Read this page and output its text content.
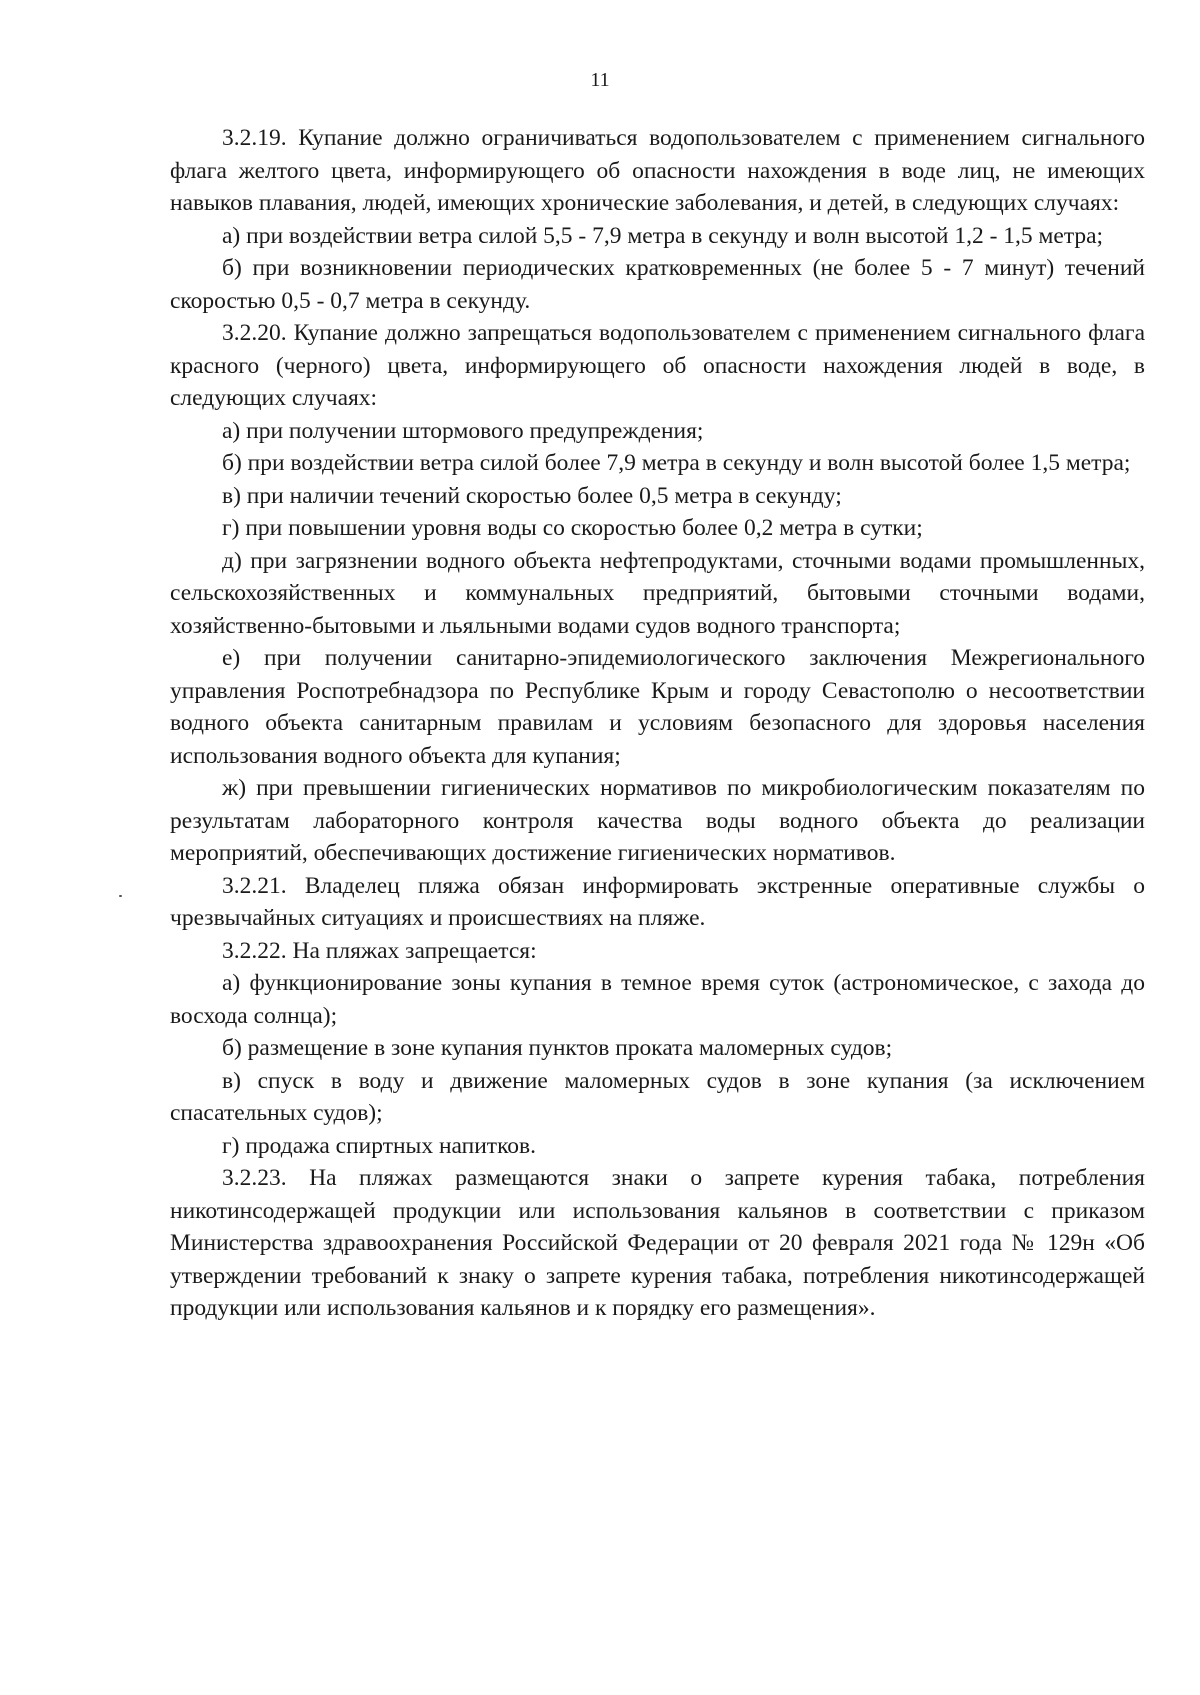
11

3.2.19. Купание должно ограничиваться водопользователем с применением сигнального флага желтого цвета, информирующего об опасности нахождения в воде лиц, не имеющих навыков плавания, людей, имеющих хронические заболевания, и детей, в следующих случаях:

а) при воздействии ветра силой 5,5 - 7,9 метра в секунду и волн высотой 1,2 - 1,5 метра;

б) при возникновении периодических кратковременных (не более 5 - 7 минут) течений скоростью 0,5 - 0,7 метра в секунду.

3.2.20. Купание должно запрещаться водопользователем с применением сигнального флага красного (черного) цвета, информирующего об опасности нахождения людей в воде, в следующих случаях:

а) при получении штормового предупреждения;

б) при воздействии ветра силой более 7,9 метра в секунду и волн высотой более 1,5 метра;

в) при наличии течений скоростью более 0,5 метра в секунду;

г) при повышении уровня воды со скоростью более 0,2 метра в сутки;

д) при загрязнении водного объекта нефтепродуктами, сточными водами промышленных, сельскохозяйственных и коммунальных предприятий, бытовыми сточными водами, хозяйственно-бытовыми и льяльными водами судов водного транспорта;

е) при получении санитарно-эпидемиологического заключения Межрегионального управления Роспотребнадзора по Республике Крым и городу Севастополю о несоответствии водного объекта санитарным правилам и условиям безопасного для здоровья населения использования водного объекта для купания;

ж) при превышении гигиенических нормативов по микробиологическим показателям по результатам лабораторного контроля качества воды водного объекта до реализации мероприятий, обеспечивающих достижение гигиенических нормативов.

3.2.21. Владелец пляжа обязан информировать экстренные оперативные службы о чрезвычайных ситуациях и происшествиях на пляже.

3.2.22. На пляжах запрещается:

а) функционирование зоны купания в темное время суток (астрономическое, с захода до восхода солнца);

б) размещение в зоне купания пунктов проката маломерных судов;

в) спуск в воду и движение маломерных судов в зоне купания (за исключением спасательных судов);

г) продажа спиртных напитков.

3.2.23. На пляжах размещаются знаки о запрете курения табака, потребления никотинсодержащей продукции или использования кальянов в соответствии с приказом Министерства здравоохранения Российской Федерации от 20 февраля 2021 года № 129н «Об утверждении требований к знаку о запрете курения табака, потребления никотинсодержащей продукции или использования кальянов и к порядку его размещения».
